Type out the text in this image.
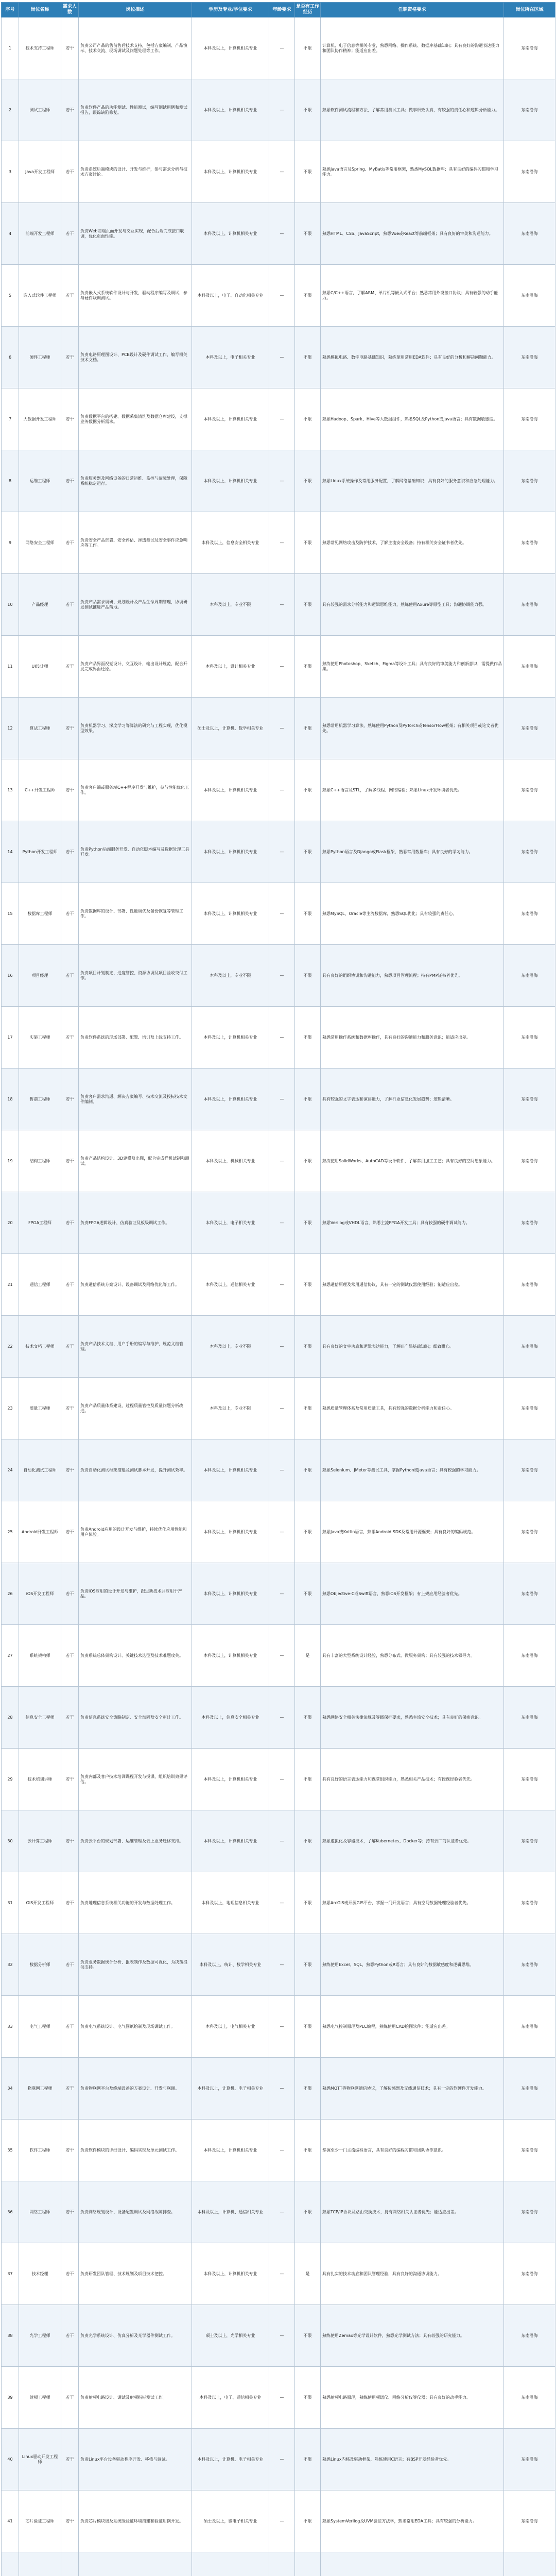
序号	岗位名称	需求人数	岗位描述	学历及专业/学位要求	年龄要求	是否有工作经历	任职资格要求	岗位所在区域

1	技术支持工程师	若干	负责公司产品的售前售后技术支持，包括方案编制、产品演示、技术交流、现场调试及问题处理等工作。	本科及以上，计算机相关专业	—	不限	计算机、电子信息等相关专业，熟悉网络、操作系统、数据库基础知识；具有良好的沟通表达能力和团队协作精神；能适应出差。	东南沿海

2	测试工程师	若干	负责软件产品的功能测试、性能测试，编写测试用例和测试报告，跟踪缺陷修复。	本科及以上，计算机相关专业	—	不限	熟悉软件测试流程和方法，了解常用测试工具；做事细致认真，有较强的责任心和逻辑分析能力。	东南沿海

3	Java开发工程师	若干	负责系统后端模块的设计、开发与维护，参与需求分析与技术方案讨论。	本科及以上，计算机相关专业	—	不限	熟悉Java语言及Spring、MyBatis等常用框架，熟悉MySQL数据库；具有良好的编码习惯和学习能力。	东南沿海

4	前端开发工程师	若干	负责Web前端页面开发与交互实现，配合后端完成接口联调，优化页面性能。	本科及以上，计算机相关专业	—	不限	熟悉HTML、CSS、JavaScript，熟悉Vue或React等前端框架；具有良好的审美和沟通能力。	东南沿海

5	嵌入式软件工程师	若干	负责嵌入式系统软件设计与开发，驱动程序编写及调试，参与硬件联调测试。	本科及以上，电子、自动化相关专业	—	不限	熟悉C/C++语言，了解ARM、单片机等嵌入式平台；熟悉常用外设接口协议；具有较强的动手能力。	东南沿海

6	硬件工程师	若干	负责电路原理图设计、PCB设计及硬件调试工作，编写相关技术文档。	本科及以上，电子相关专业	—	不限	熟悉模拟电路、数字电路基础知识，熟练使用常用EDA软件；具有良好的分析和解决问题能力。	东南沿海

7	大数据开发工程师	若干	负责数据平台的搭建、数据采集清洗及数据仓库建设，支撑业务数据分析需求。	本科及以上，计算机相关专业	—	不限	熟悉Hadoop、Spark、Hive等大数据组件，熟悉SQL及Python或Java语言；具有数据敏感度。	东南沿海

8	运维工程师	若干	负责服务器及网络设备的日常运维、监控与故障处理，保障系统稳定运行。	本科及以上，计算机相关专业	—	不限	熟悉Linux系统操作及常用服务配置，了解网络基础知识；具有良好的服务意识和应急处理能力。	东南沿海

9	网络安全工程师	若干	负责安全产品部署、安全评估、渗透测试及安全事件应急响应等工作。	本科及以上，信息安全相关专业	—	不限	熟悉常见网络攻击及防护技术，了解主流安全设备；持有相关安全证书者优先。	东南沿海

10	产品经理	若干	负责产品需求调研、规划设计及产品生命周期管理，协调研发测试推进产品落地。	本科及以上，专业不限	—	不限	具有较强的需求分析能力和逻辑思维能力，熟练使用Axure等原型工具；沟通协调能力强。	东南沿海

11	UI设计师	若干	负责产品界面视觉设计、交互设计，输出设计规范，配合开发完成界面还原。	本科及以上，设计相关专业	—	不限	熟练使用Photoshop、Sketch、Figma等设计工具；具有良好的审美能力和创新意识，需提供作品集。	东南沿海

12	算法工程师	若干	负责机器学习、深度学习等算法的研究与工程实现，优化模型效果。	硕士及以上，计算机、数学相关专业	—	不限	熟悉常用机器学习算法，熟练使用Python及PyTorch或TensorFlow框架；有相关项目或论文者优先。	东南沿海

13	C++开发工程师	若干	负责客户端或服务端C++程序开发与维护，参与性能优化工作。	本科及以上，计算机相关专业	—	不限	熟悉C++语言及STL，了解多线程、网络编程；熟悉Linux开发环境者优先。	东南沿海

14	Python开发工程师	若干	负责Python后端服务开发、自动化脚本编写及数据处理工具开发。	本科及以上，计算机相关专业	—	不限	熟悉Python语言及Django或Flask框架，熟悉常用数据库；具有良好的学习能力。	东南沿海

15	数据库工程师	若干	负责数据库的设计、部署、性能调优及备份恢复等管理工作。	本科及以上，计算机相关专业	—	不限	熟悉MySQL、Oracle等主流数据库，熟悉SQL优化；具有较强的责任心。	东南沿海

16	项目经理	若干	负责项目计划制定、进度管控、资源协调及项目验收交付工作。	本科及以上，专业不限	—	不限	具有良好的组织协调和沟通能力，熟悉项目管理流程；持有PMP证书者优先。	东南沿海

17	实施工程师	若干	负责软件系统的现场部署、配置、培训及上线支持工作。	本科及以上，计算机相关专业	—	不限	熟悉常用操作系统和数据库操作，具有良好的沟通能力和服务意识；能适应出差。	东南沿海

18	售前工程师	若干	负责客户需求沟通、解决方案编写、技术交流及投标技术文件编制。	本科及以上，计算机相关专业	—	不限	具有较强的文字表达和演讲能力，了解行业信息化发展趋势；逻辑清晰。	东南沿海

19	结构工程师	若干	负责产品结构设计、3D建模及出图，配合完成样机试制和测试。	本科及以上，机械相关专业	—	不限	熟练使用SolidWorks、AutoCAD等设计软件，了解常用加工工艺；具有良好的空间想象能力。	东南沿海

20	FPGA工程师	若干	负责FPGA逻辑设计、仿真验证及板级调试工作。	本科及以上，电子相关专业	—	不限	熟悉Verilog或VHDL语言，熟悉主流FPGA开发工具；具有较强的硬件调试能力。	东南沿海

21	通信工程师	若干	负责通信系统方案设计、设备调试及网络优化等工作。	本科及以上，通信相关专业	—	不限	熟悉通信原理及常用通信协议，具有一定的测试仪器使用经验；能适应出差。	东南沿海

22	技术文档工程师	若干	负责产品技术文档、用户手册的编写与维护，规范文档管理。	本科及以上，专业不限	—	不限	具有良好的文字功底和逻辑表达能力，了解IT产品基础知识；细致耐心。	东南沿海

23	质量工程师	若干	负责产品质量体系建设、过程质量管控及质量问题分析改进。	本科及以上，专业不限	—	不限	熟悉质量管理体系及常用质量工具，具有较强的数据分析能力和责任心。	东南沿海

24	自动化测试工程师	若干	负责自动化测试框架搭建及测试脚本开发，提升测试效率。	本科及以上，计算机相关专业	—	不限	熟悉Selenium、JMeter等测试工具，掌握Python或Java语言；具有较强的学习能力。	东南沿海

25	Android开发工程师	若干	负责Android应用的设计开发与维护，持续优化应用性能和用户体验。	本科及以上，计算机相关专业	—	不限	熟悉Java或Kotlin语言，熟悉Android SDK及常用开源框架；具有良好的编码规范。	东南沿海

26	iOS开发工程师	若干	负责iOS应用的设计开发与维护，跟进新技术并应用于产品。	本科及以上，计算机相关专业	—	不限	熟悉Objective-C或Swift语言，熟悉iOS开发框架；有上架应用经验者优先。	东南沿海

27	系统架构师	若干	负责系统总体架构设计、关键技术选型及技术难题攻关。	本科及以上，计算机相关专业	—	是	具有丰富的大型系统设计经验，熟悉分布式、微服务架构；具有较强的技术领导力。	东南沿海

28	信息安全工程师	若干	负责信息系统安全策略制定、安全加固及安全审计工作。	本科及以上，信息安全相关专业	—	不限	熟悉网络安全相关法律法规及等级保护要求，熟悉主流安全技术；具有良好的保密意识。	东南沿海

29	技术培训讲师	若干	负责内部及客户技术培训课程开发与授课，组织培训效果评估。	本科及以上，计算机相关专业	—	不限	具有良好的语言表达能力和课堂组织能力，熟悉相关产品技术；有授课经验者优先。	东南沿海

30	云计算工程师	若干	负责云平台的规划部署、运维管理及云上业务迁移支持。	本科及以上，计算机相关专业	—	不限	熟悉虚拟化及容器技术，了解Kubernetes、Docker等；持有云厂商认证者优先。	东南沿海

31	GIS开发工程师	若干	负责地理信息系统相关功能的开发与数据处理工作。	本科及以上，地理信息相关专业	—	不限	熟悉ArcGIS或开源GIS平台，掌握一门开发语言；具有空间数据处理经验者优先。	东南沿海

32	数据分析师	若干	负责业务数据统计分析、报表制作及数据可视化，为决策提供支持。	本科及以上，统计、数学相关专业	—	不限	熟练使用Excel、SQL，熟悉Python或R语言；具有良好的数据敏感度和逻辑思维。	东南沿海

33	电气工程师	若干	负责电气系统设计、电气图纸绘制及现场调试工作。	本科及以上，电气相关专业	—	不限	熟悉电气控制原理及PLC编程，熟练使用CAD绘图软件；能适应出差。	东南沿海

34	物联网工程师	若干	负责物联网平台及终端设备的方案设计、开发与联调。	本科及以上，计算机、电子相关专业	—	不限	熟悉MQTT等物联网通信协议，了解传感器及无线通信技术；具有一定的软硬件开发能力。	东南沿海

35	软件工程师	若干	负责软件模块的详细设计、编码实现及单元测试工作。	本科及以上，计算机相关专业	—	不限	掌握至少一门主流编程语言，具有良好的编程习惯和团队协作意识。	东南沿海

36	网络工程师	若干	负责网络规划设计、设备配置调试及网络故障排查。	本科及以上，计算机、通信相关专业	—	不限	熟悉TCP/IP协议及路由交换技术，持有网络相关认证者优先；能适应出差。	东南沿海

37	技术经理	若干	负责研发团队管理、技术规划及项目技术把控。	本科及以上，计算机相关专业	—	是	具有扎实的技术功底和团队管理经验，具有良好的沟通协调能力。	东南沿海

38	光学工程师	若干	负责光学系统设计、仿真分析及光学器件测试工作。	硕士及以上，光学相关专业	—	不限	熟练使用Zemax等光学设计软件，熟悉光学测试方法；具有较强的研究能力。	东南沿海

39	射频工程师	若干	负责射频电路设计、调试及射频指标测试工作。	本科及以上，电子、通信相关专业	—	不限	熟悉射频电路原理，熟练使用频谱仪、网络分析仪等仪器；具有良好的动手能力。	东南沿海

40	Linux驱动开发工程师	若干	负责Linux平台设备驱动程序开发、移植与调试。	本科及以上，计算机、电子相关专业	—	不限	熟悉Linux内核及驱动框架，熟练使用C语言；有BSP开发经验者优先。	东南沿海

41	芯片验证工程师	若干	负责芯片模块级及系统级验证环境搭建和验证用例开发。	硕士及以上，微电子相关专业	—	不限	熟悉SystemVerilog及UVM验证方法学，熟悉常用EDA工具；具有较强的分析能力。	东南沿海
